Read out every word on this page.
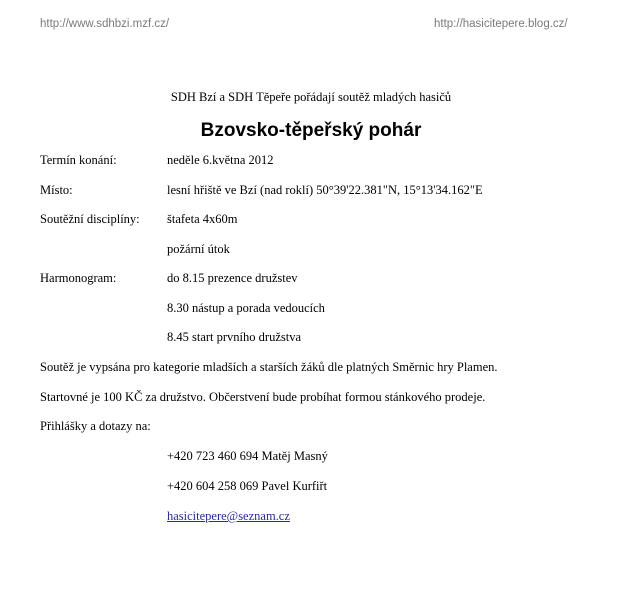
http://www.sdhbzi.mzf.cz/	http://hasicitepere.blog.cz/
SDH Bzí a SDH Těpeře pořádají soutěž mladých hasičů
Bzovsko-těpeřský pohár
Termín konání:	neděle 6.května 2012
Místo:	lesní hřiště ve Bzí (nad roklí) 50°39'22.381"N, 15°13'34.162"E
Soutěžní disciplíny: štafeta 4x60m
požární útok
Harmonogram:	do 8.15 prezence družstev
8.30 nástup a porada vedoucích
8.45 start prvního družstva
Soutěž je vypsána pro kategorie mladších a starších žáků dle platných Směrnic hry Plamen.
Startovné je 100 KČ za družstvo. Občerstvení bude probíhat formou stánkového prodeje.
Přihlášky a dotazy na:
+420 723 460 694 Matěj Masný
+420 604 258 069 Pavel Kurfiřt
hasicitepere@seznam.cz
